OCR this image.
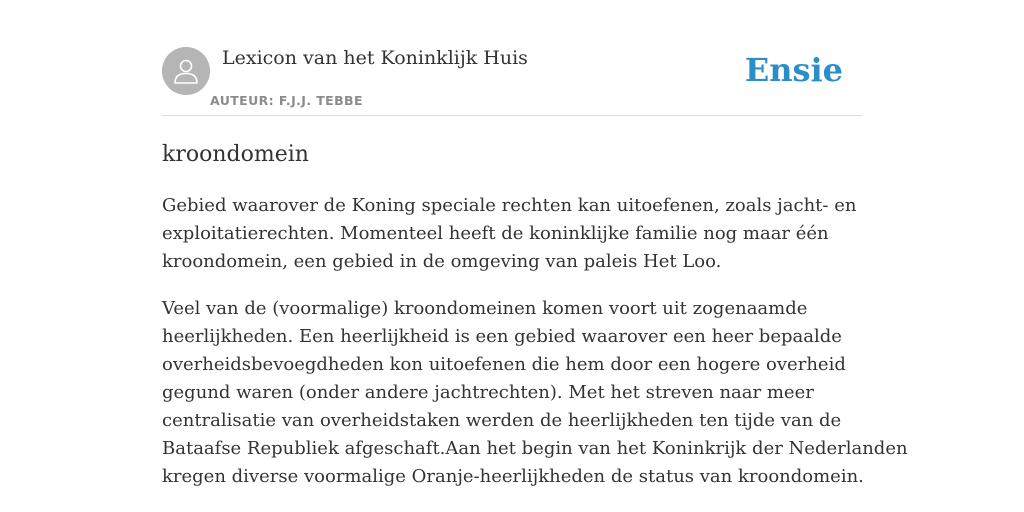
Lexicon van het Koninklijk Huis
AUTEUR: F.J.J. TEBBE
Ensie
kroondomein

Gebied waarover de Koning speciale rechten kan uitoefenen, zoals jacht- en
exploitatierechten. Momenteel heeft de koninklijke familie nog maar één
kroondomein, een gebied in de omgeving van paleis Het Loo.

Veel van de (voormalige) kroondomeinen komen voort uit zogenaamde
heerlijkheden. Een heerlijkheid is een gebied waarover een heer bepaalde
overheidsbevoegdheden kon uitoefenen die hem door een hogere overheid
gegund waren (onder andere jachtrechten). Met het streven naar meer
centralisatie van overheidstaken werden de heerlijkheden ten tijde van de
Bataafse Republiek afgeschaft.Aan het begin van het Koninkrijk der Nederlanden
kregen diverse voormalige Oranje-heerlijkheden de status van kroondomein.
